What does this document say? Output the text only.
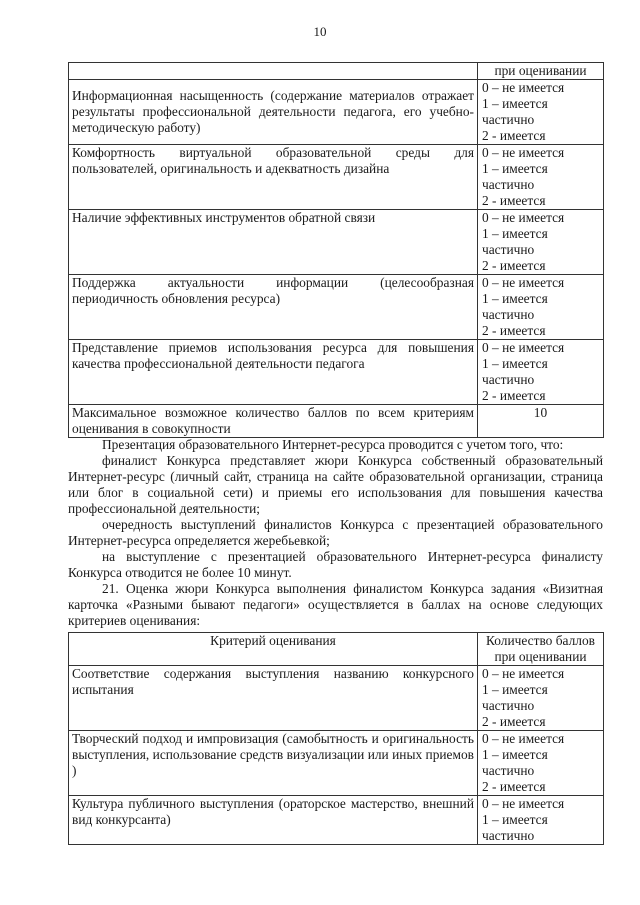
10
	при оценивании

Информационная насыщенность (содержание материалов отражает результаты профессиональной деятельности педагога, его учебно-методическую работу)	0 – не имеется
1 – имеется
частично
2 - имеется

Комфортность виртуальной образовательной среды для пользователей, оригинальность и адекватность дизайна	0 – не имеется
1 – имеется
частично
2 - имеется

Наличие эффективных инструментов обратной связи	0 – не имеется
1 – имеется
частично
2 - имеется

Поддержка актуальности информации (целесообразная периодичность обновления ресурса)	0 – не имеется
1 – имеется
частично
2 - имеется

Представление приемов использования ресурса для повышения качества профессиональной деятельности педагога	0 – не имеется
1 – имеется
частично
2 - имеется

Максимальное возможное количество баллов по всем критериям оценивания в совокупности	10

Презентация образовательного Интернет-ресурса проводится с учетом того, что:

финалист Конкурса представляет жюри Конкурса собственный образовательный Интернет-ресурс (личный сайт, страница на сайте образовательной организации, страница или блог в социальной сети) и приемы его использования для повышения качества профессиональной деятельности;

очередность выступлений финалистов Конкурса с презентацией образовательного Интернет-ресурса определяется жеребьевкой;

на выступление с презентацией образовательного Интернет-ресурса финалисту Конкурса отводится не более 10 минут.

21. Оценка жюри Конкурса выполнения финалистом Конкурса задания «Визитная карточка «Разными бывают педагоги» осуществляется в баллах на основе следующих критериев оценивания:

Критерий оценивания	Количество баллов
при оценивании

Соответствие содержания выступления названию конкурсного испытания	0 – не имеется
1 – имеется
частично
2 - имеется

Творческий подход и импровизация (самобытность и оригинальность выступления, использование средств визуализации или иных приемов )	0 – не имеется
1 – имеется
частично
2 - имеется

Культура публичного выступления (ораторское мастерство, внешний вид конкурсанта)	0 – не имеется
1 – имеется
частично
